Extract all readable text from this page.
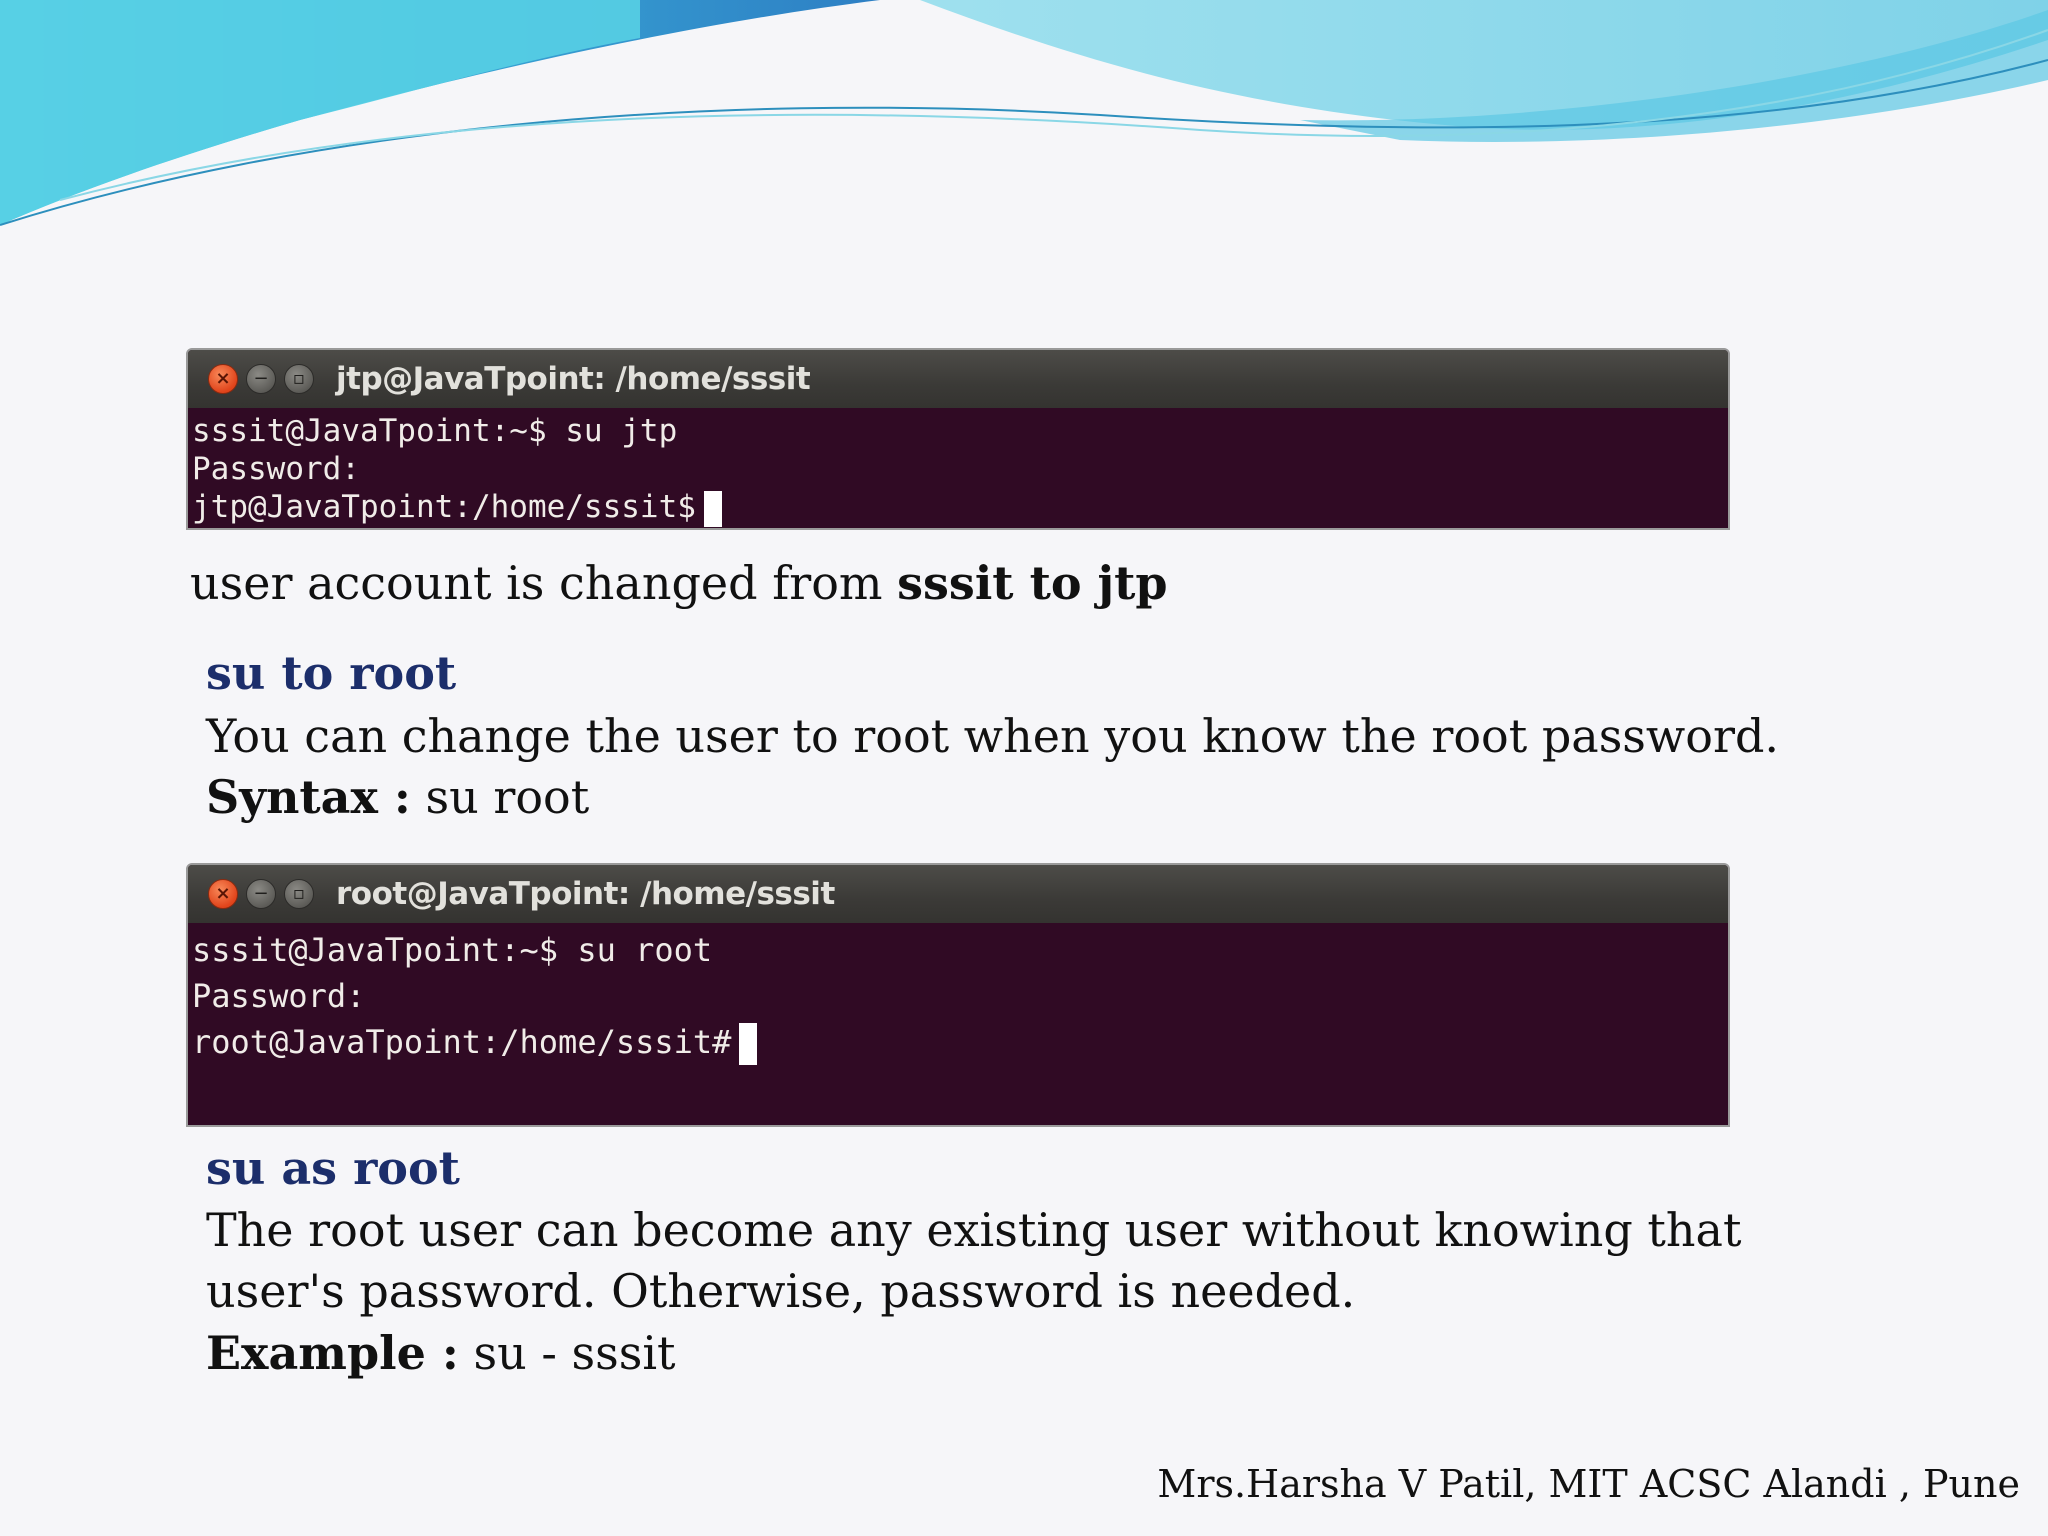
×	−	▫ jtp@JavaTpoint: /home/sssit
sssit@JavaTpoint:~$ su jtp
Password:
jtp@JavaTpoint:/home/sssit$
user account is changed from sssit to jtp
su to root
You can change the user to root when you know the root password.
Syntax : su root
×	−	▫ root@JavaTpoint: /home/sssit
sssit@JavaTpoint:~$ su root
Password:
root@JavaTpoint:/home/sssit#
su as root
The root user can become any existing user without knowing that
user's password. Otherwise, password is needed.
Example : su - sssit
Mrs.Harsha V Patil, MIT ACSC Alandi , Pune
